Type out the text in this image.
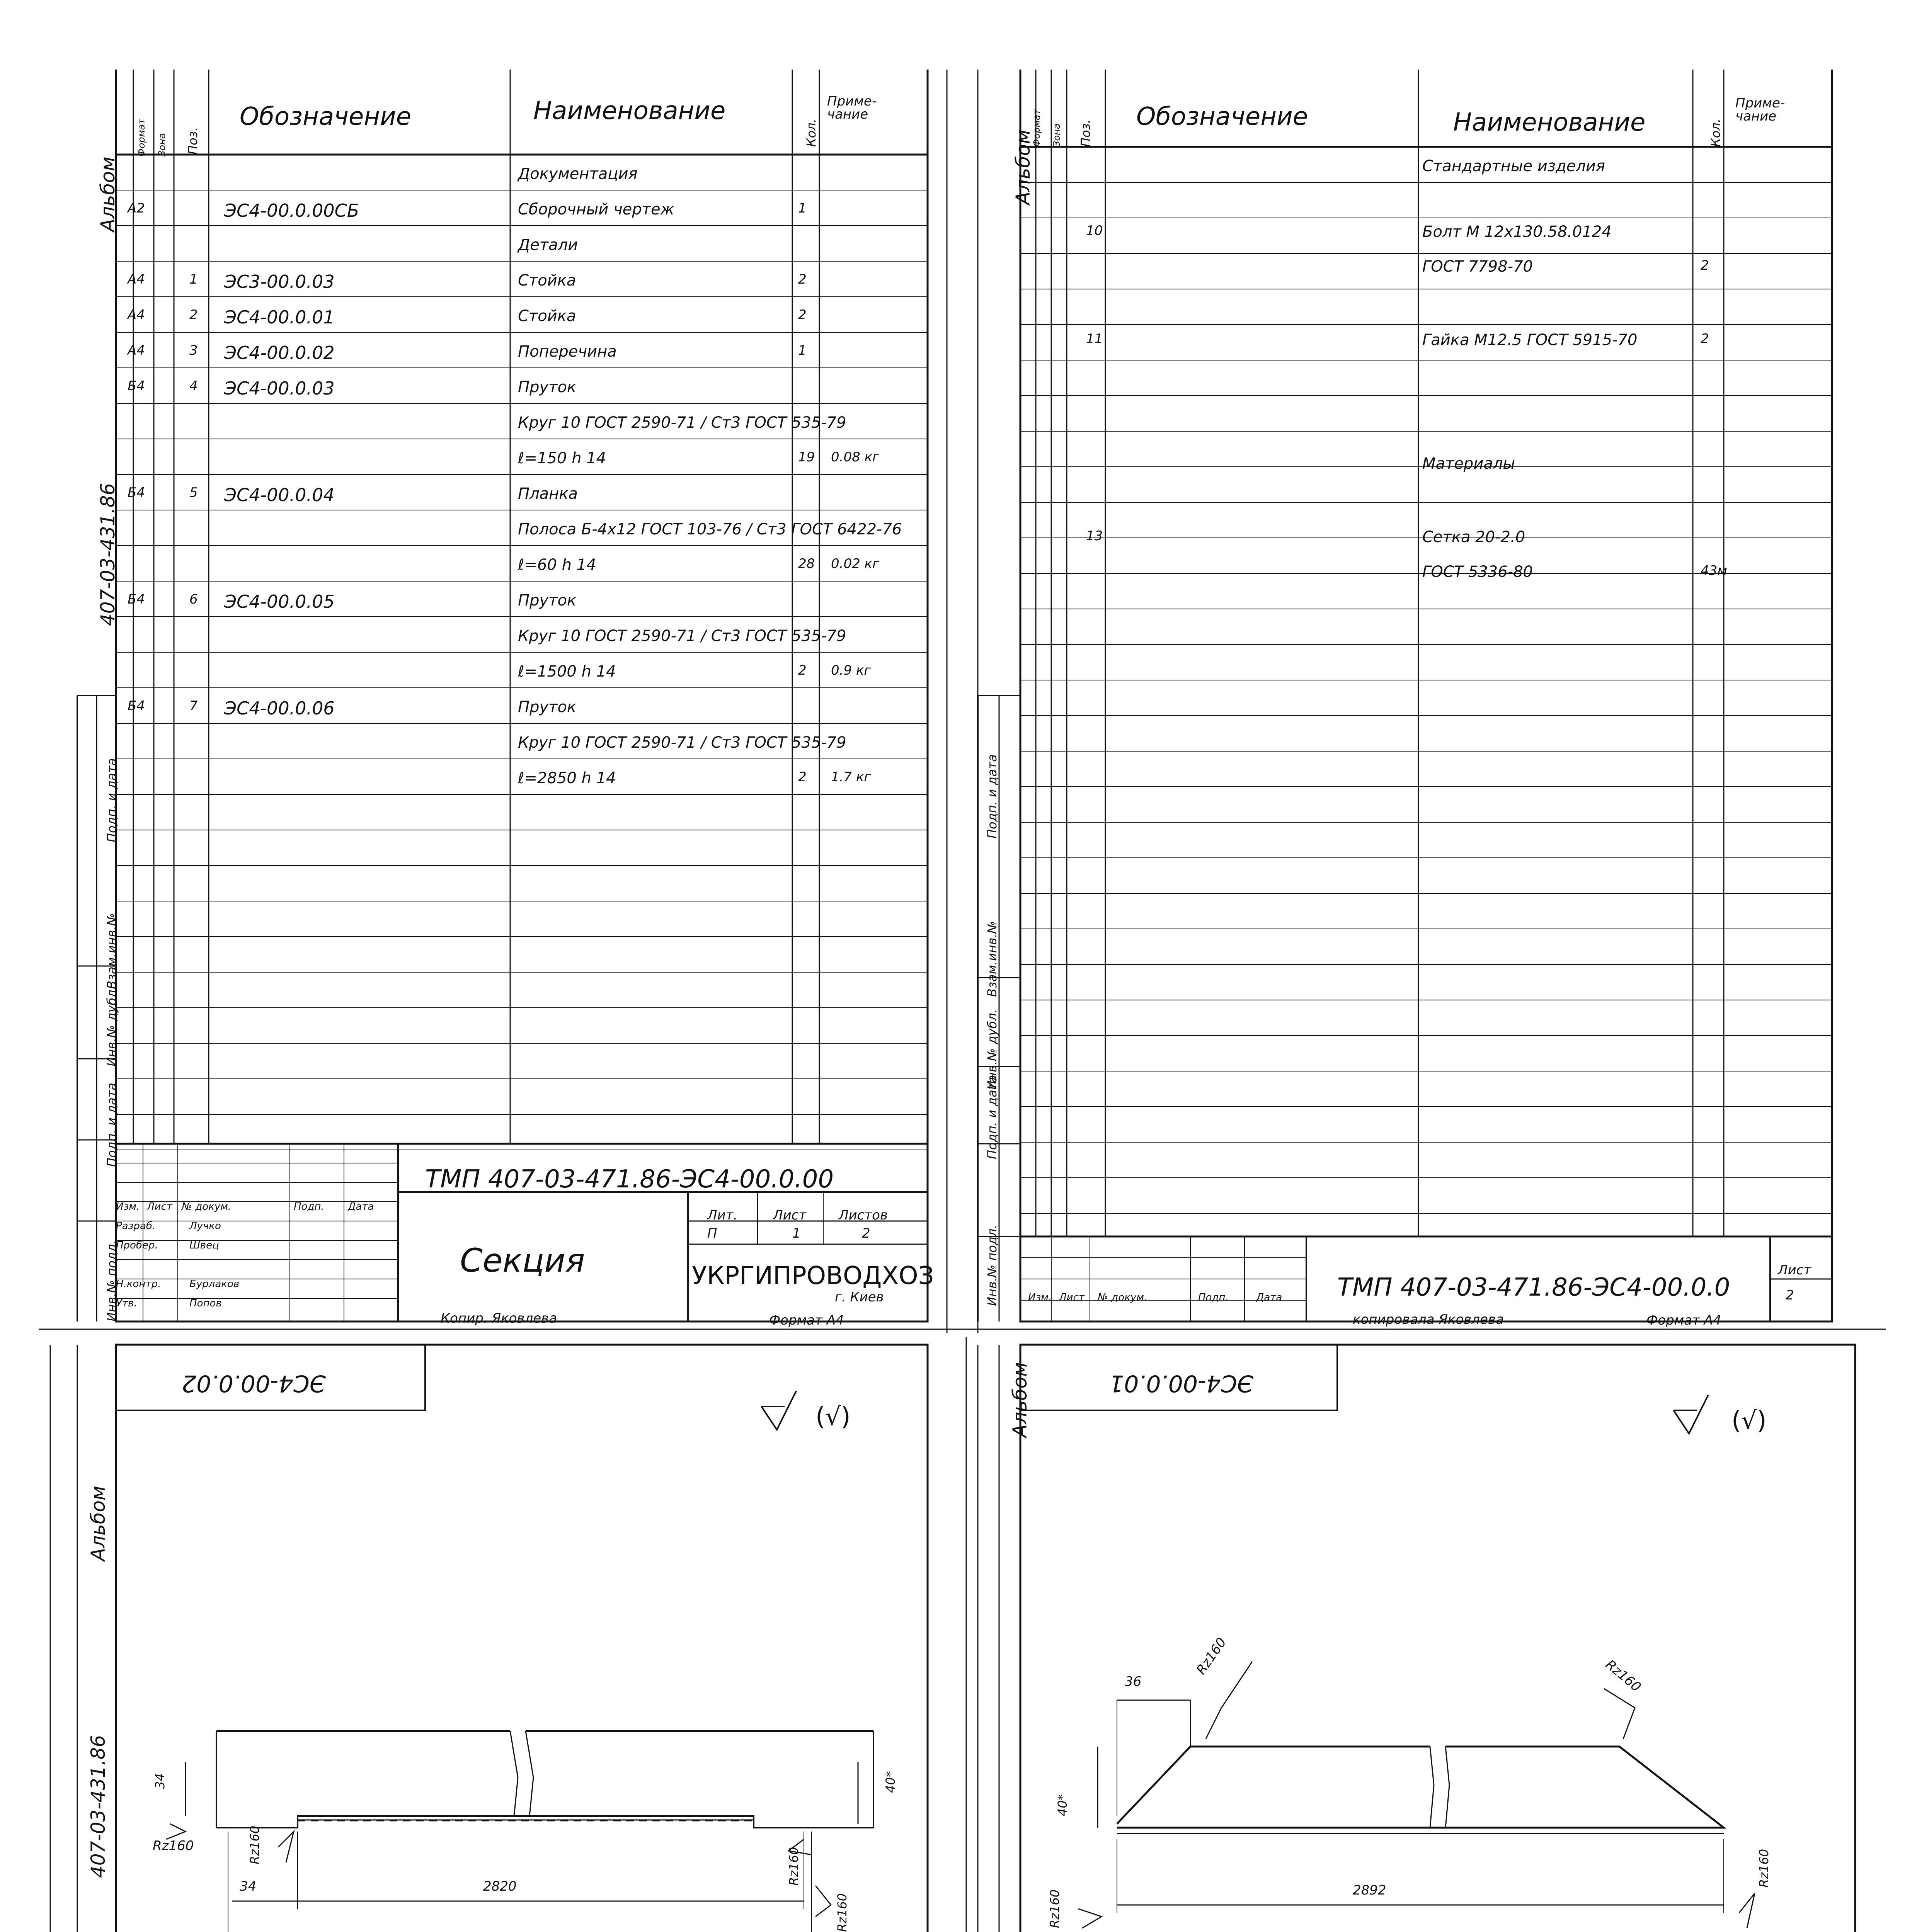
Альбом
407-03-431.86
Подп. и дата
Взам.инв.№
Инв.№ дубл.
Подп. и дата
Инв.№ подл.
Формат Зона Поз.
Обозначение	Наименование
Кол.
Приме-чание
Документация
А2	ЭС4-00.0.00СБ	Сборочный чертеж	1
Детали
А4	1 ЭС3-00.0.03	Стойка	2
А4	2 ЭС4-00.0.01	Стойка	2
А4	3 ЭС4-00.0.02	Поперечина	1
Б4	4 ЭС4-00.0.03	Пруток
Круг 10 ГОСТ 2590-71 / Ст3 ГОСТ 535-79
ℓ=150 h 14	19 0.08 кг
Б4	5 ЭС4-00.0.04	Планка
Полоса Б-4х12 ГОСТ 103-76 / Ст3 ГОСТ 6422-76
ℓ=60 h 14	28 0.02 кг
Б4	6 ЭС4-00.0.05	Пруток
Круг 10 ГОСТ 2590-71 / Ст3 ГОСТ 535-79
ℓ=1500 h 14	2 0.9 кг
Б4	7 ЭС4-00.0.06	Пруток
Круг 10 ГОСТ 2590-71 / Ст3 ГОСТ 535-79
ℓ=2850 h 14	2 1.7 кг
ТМП 407-03-471.86-ЭС4-00.0.00
Секция
Лит.	Лист Листов
П	1	2
УКРГИПРОВОДХОЗ
г. Киев
Изм. Лист № докум.	Подп. Дата
Разраб.
Пробер.
Н.контр.
Утв.
Лучко
Швец
Бурлаков
Попов
Копир. Яковлева	Формат А4
Альбом
Подп. и дата
Взам.инв.№
Инв.№ дубл.
Подп. и дата
Инв.№ подл.
Формат Зона Поз.
Обозначение	Наименование	Кол.
Приме-чание
Стандартные изделия
10	Болт М 12х130.58.0124
ГОСТ 7798-70	2
11	Гайка М12.5 ГОСТ 5915-70	2
Материалы
13	Сетка 20-2.0
ГОСТ 5336-80	43м
ТМП 407-03-471.86-ЭС4-00.0.0
Лист
2
Изм. Лист № докум.	Подп.	Дата
копировала Яковлева	Формат А4
ЭС4-00.0.02
(√)
Альбом
407-03-431.86	34	40*
34	2820
Rz160	Rz160
Rz160
Rz160
ЭС4-00.0.01
(√)
Альбом
36
40*
2892
Rz160	Rz160
Rz160
Rz160
